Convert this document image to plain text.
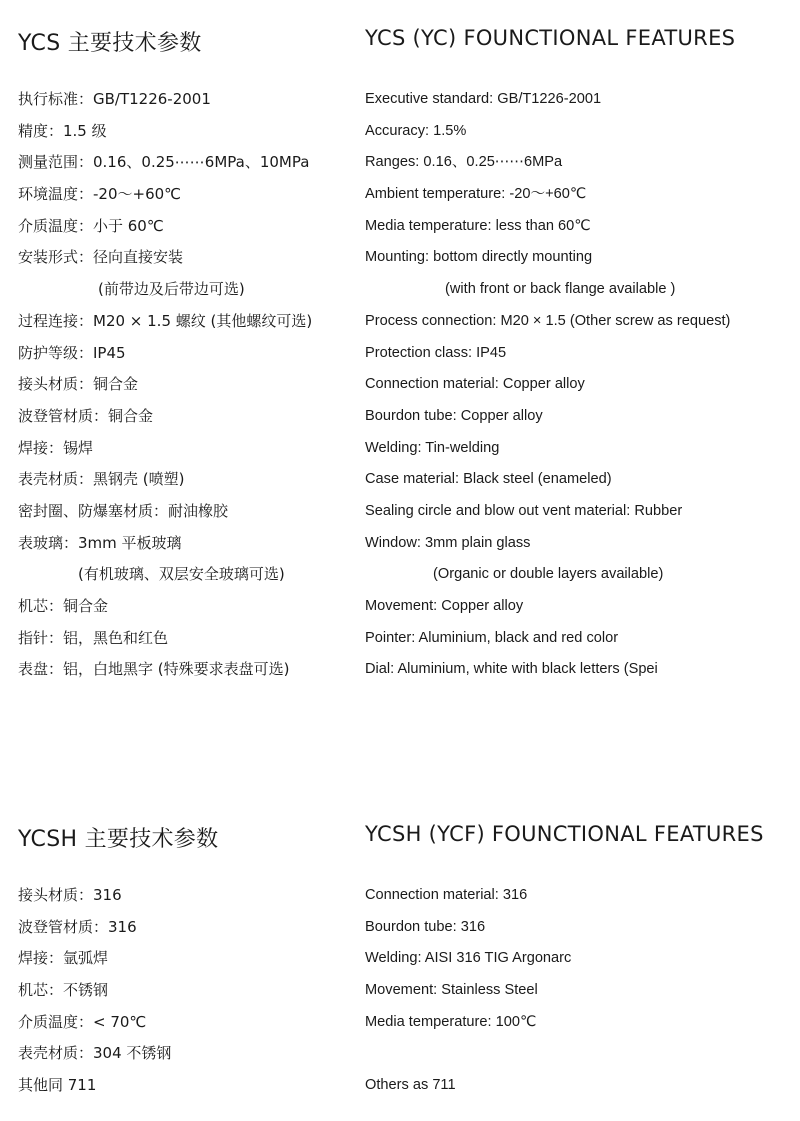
YCS 主要技术参数
执行标准：GB/T1226-2001
精度：1.5 级
测量范围：0.16、0.25⋯⋯6MPa、10MPa
环境温度：-20～+60℃
介质温度：小于 60℃
安装形式：径向直接安装
(前带边及后带边可选)
过程连接：M20 × 1.5 螺纹 (其他螺纹可选)
防护等级：IP45
接头材质：铜合金
波登管材质：铜合金
焊接：锡焊
表壳材质：黑钢壳 (喷塑)
密封圈、防爆塞材质：耐油橡胶
表玻璃：3mm 平板玻璃
(有机玻璃、双层安全玻璃可选)
机芯：铜合金
指针：铝，黑色和红色
表盘：铝，白地黑字 (特殊要求表盘可选)
YCS (YC) FOUNCTIONAL FEATURES
Executive standard: GB/T1226-2001
Accuracy: 1.5%
Ranges: 0.16、0.25⋯⋯6MPa
Ambient temperature: -20～+60℃
Media temperature: less than 60℃
Mounting: bottom directly mounting
(with front or back flange available )
Process connection: M20 × 1.5 (Other screw as request)
Protection class: IP45
Connection material: Copper alloy
Bourdon tube: Copper alloy
Welding: Tin-welding
Case material: Black steel (enameled)
Sealing circle and blow out vent material: Rubber
Window: 3mm plain glass
(Organic or double layers available)
Movement: Copper alloy
Pointer: Aluminium, black and red color
Dial: Aluminium, white with black letters (Spei
YCSH 主要技术参数
接头材质：316
波登管材质：316
焊接：氩弧焊
机芯：不锈钢
介质温度：< 70℃
表壳材质：304 不锈钢
其他同 711
YCSH (YCF) FOUNCTIONAL FEATURES
Connection material: 316
Bourdon tube: 316
Welding: AISI 316 TIG Argonarc
Movement: Stainless Steel
Media temperature: 100℃
Others as 711
